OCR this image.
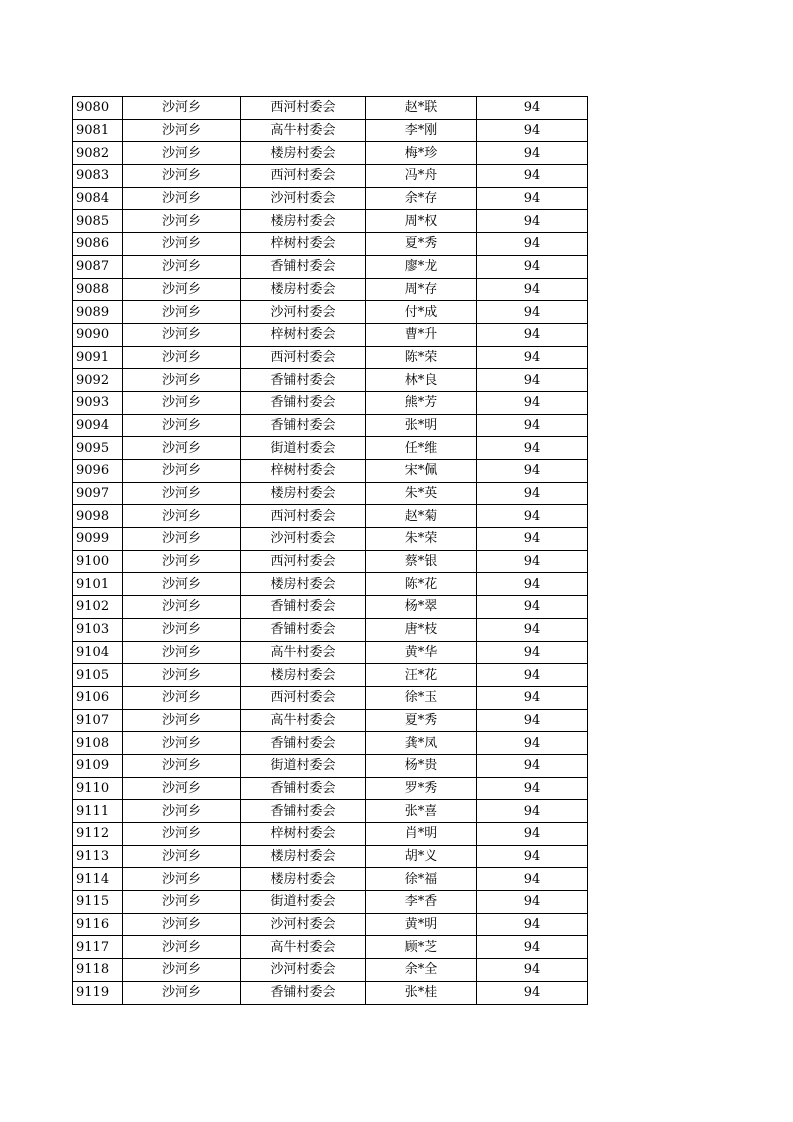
9080	沙河乡	西河村委会	赵*联	94
9081	沙河乡	高牛村委会	李*刚	94
9082	沙河乡	楼房村委会	梅*珍	94
9083	沙河乡	西河村委会	冯*舟	94
9084	沙河乡	沙河村委会	余*存	94
9085	沙河乡	楼房村委会	周*权	94
9086	沙河乡	梓树村委会	夏*秀	94
9087	沙河乡	香铺村委会	廖*龙	94
9088	沙河乡	楼房村委会	周*存	94
9089	沙河乡	沙河村委会	付*成	94
9090	沙河乡	梓树村委会	曹*升	94
9091	沙河乡	西河村委会	陈*荣	94
9092	沙河乡	香铺村委会	林*良	94
9093	沙河乡	香铺村委会	熊*芳	94
9094	沙河乡	香铺村委会	张*明	94
9095	沙河乡	街道村委会	任*维	94
9096	沙河乡	梓树村委会	宋*佩	94
9097	沙河乡	楼房村委会	朱*英	94
9098	沙河乡	西河村委会	赵*菊	94
9099	沙河乡	沙河村委会	朱*荣	94
9100	沙河乡	西河村委会	蔡*银	94
9101	沙河乡	楼房村委会	陈*花	94
9102	沙河乡	香铺村委会	杨*翠	94
9103	沙河乡	香铺村委会	唐*枝	94
9104	沙河乡	高牛村委会	黄*华	94
9105	沙河乡	楼房村委会	汪*花	94
9106	沙河乡	西河村委会	徐*玉	94
9107	沙河乡	高牛村委会	夏*秀	94
9108	沙河乡	香铺村委会	龚*凤	94
9109	沙河乡	街道村委会	杨*贵	94
9110	沙河乡	香铺村委会	罗*秀	94
9111	沙河乡	香铺村委会	张*喜	94
9112	沙河乡	梓树村委会	肖*明	94
9113	沙河乡	楼房村委会	胡*义	94
9114	沙河乡	楼房村委会	徐*福	94
9115	沙河乡	街道村委会	李*香	94
9116	沙河乡	沙河村委会	黄*明	94
9117	沙河乡	高牛村委会	顾*芝	94
9118	沙河乡	沙河村委会	余*全	94
9119	沙河乡	香铺村委会	张*桂	94
